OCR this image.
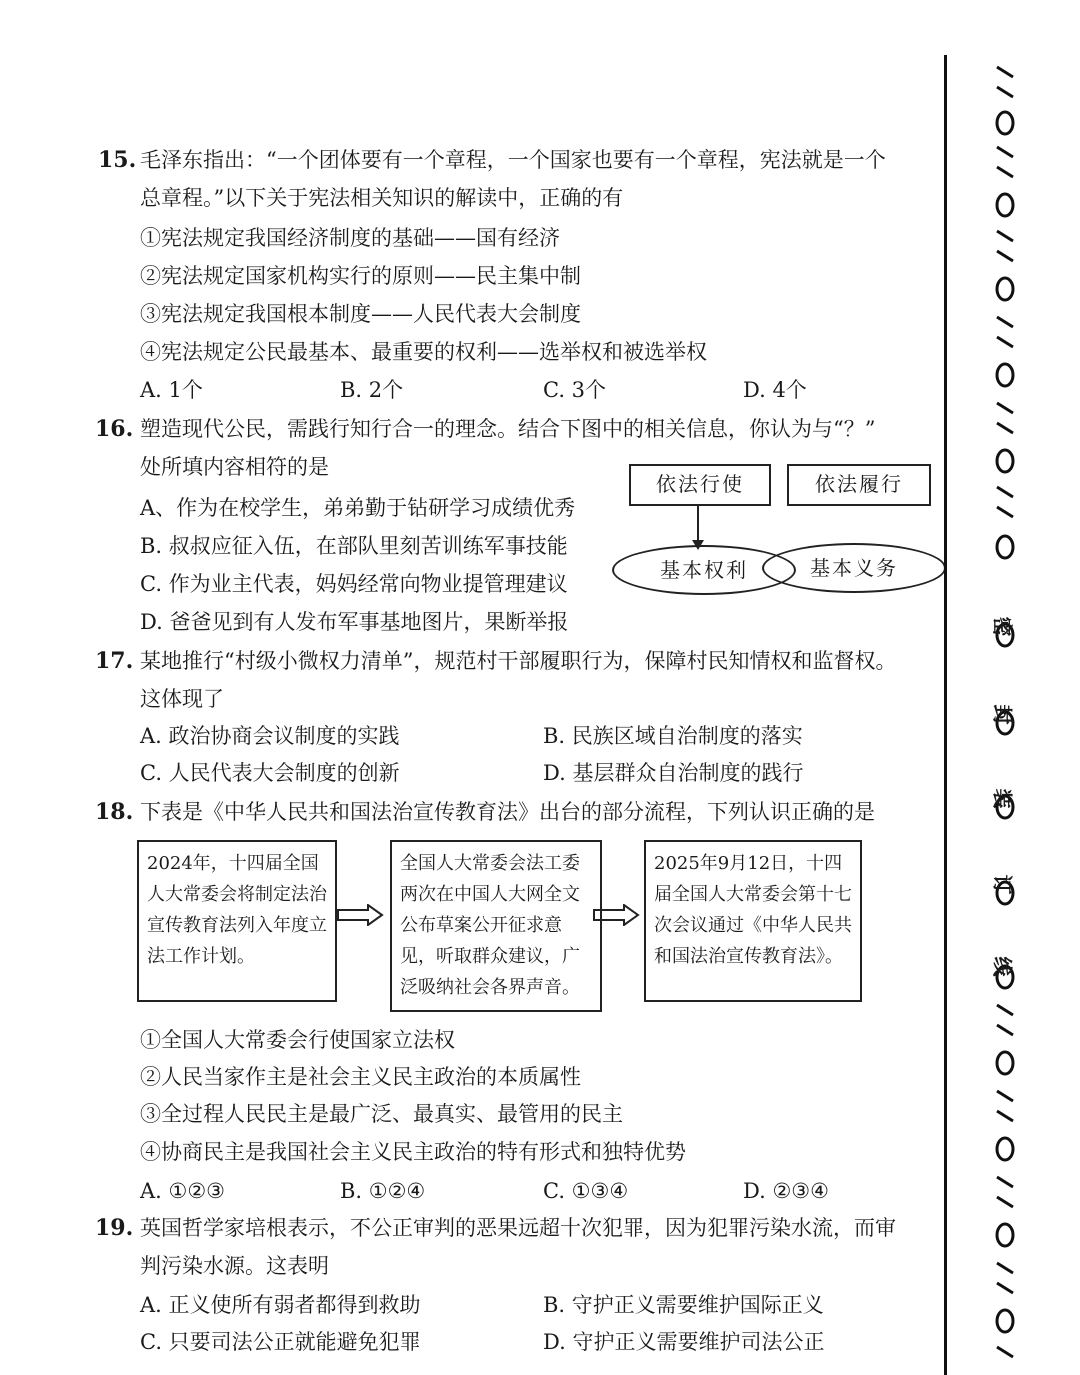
15. 毛泽东指出：“一个团体要有一个章程，一个国家也要有一个章程，宪法就是一个
总章程。”以下关于宪法相关知识的解读中，正确的有
①宪法规定我国经济制度的基础——国有经济
②宪法规定国家机构实行的原则——民主集中制
③宪法规定我国根本制度——人民代表大会制度
④宪法规定公民最基本、最重要的权利——选举权和被选举权
A. 1个	B. 2个	C. 3个	D. 4个
16. 塑造现代公民，需践行知行合一的理念。结合下图中的相关信息，你认为与“？”
处所填内容相符的是
A、作为在校学生，弟弟勤于钻研学习成绩优秀
B. 叔叔应征入伍，在部队里刻苦训练军事技能
C. 作为业主代表，妈妈经常向物业提管理建议
D. 爸爸见到有人发布军事基地图片，果断举报
依法行使	依法履行
基本权利	基本义务
17. 某地推行“村级小微权力清单”，规范村干部履职行为，保障村民知情权和监督权。
这体现了
A. 政治协商会议制度的实践	B. 民族区域自治制度的落实
C. 人民代表大会制度的创新	D. 基层群众自治制度的践行
18. 下表是《中华人民共和国法治宣传教育法》出台的部分流程，下列认识正确的是
2024年，十四届全国人大常委会将制定法治宣传教育法列入年度立法工作计划。
全国人大常委会法工委两次在中国人大网全文公布草案公开征求意见，听取群众建议，广泛吸纳社会各界声音。
2025年9月12日，十四届全国人大常委会第十七次会议通过《中华人民共和国法治宣传教育法》。
①全国人大常委会行使国家立法权
②人民当家作主是社会主义民主政治的本质属性
③全过程人民民主是最广泛、最真实、最管用的民主
④协商民主是我国社会主义民主政治的特有形式和独特优势
A. ①②③	B. ①②④	C. ①③④	D. ②③④
19. 英国哲学家培根表示，不公正审判的恶果远超十次犯罪，因为犯罪污染水流，而审
判污染水源。这表明
A. 正义使所有弱者都得到救助	B. 守护正义需要维护国际正义
C. 只要司法公正就能避免犯罪	D. 守护正义需要维护司法公正
密
封
装
订
线
